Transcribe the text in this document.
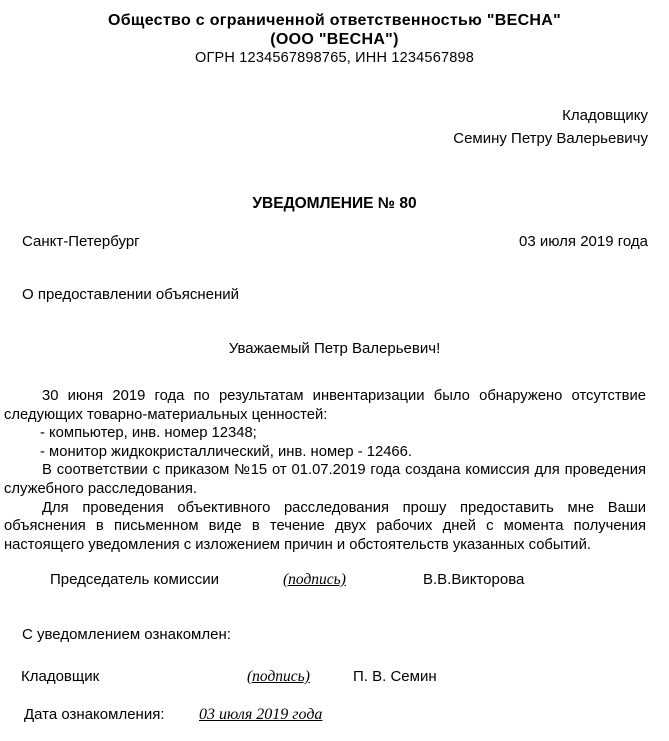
Общество с ограниченной ответственностью "ВЕСНА"
(ООО "ВЕСНА")
ОГРН 1234567898765, ИНН 1234567898
Кладовщику
Семину Петру Валерьевичу
УВЕДОМЛЕНИЕ № 80
Санкт-Петербург	03 июля 2019 года
О предоставлении объяснений
Уважаемый Петр Валерьевич!

30 июня 2019 года по результатам инвентаризации было обнаружено отсутствие следующих товарно-материальных ценностей:

- компьютер, инв. номер 12348;

- монитор жидкокристаллический, инв. номер - 12466.

В соответствии с приказом №15 от 01.07.2019 года создана комиссия для проведения служебного расследования.

Для проведения объективного расследования прошу предоставить мне Ваши объяснения в письменном виде в течение двух рабочих дней с момента получения настоящего уведомления с изложением причин и обстоятельств указанных событий.

Председатель комиссии	(подпись)	В.В.Викторова
С уведомлением ознакомлен:
Кладовщик	(подпись)	П. В. Семин
Дата ознакомления: 03 июля 2019 года
